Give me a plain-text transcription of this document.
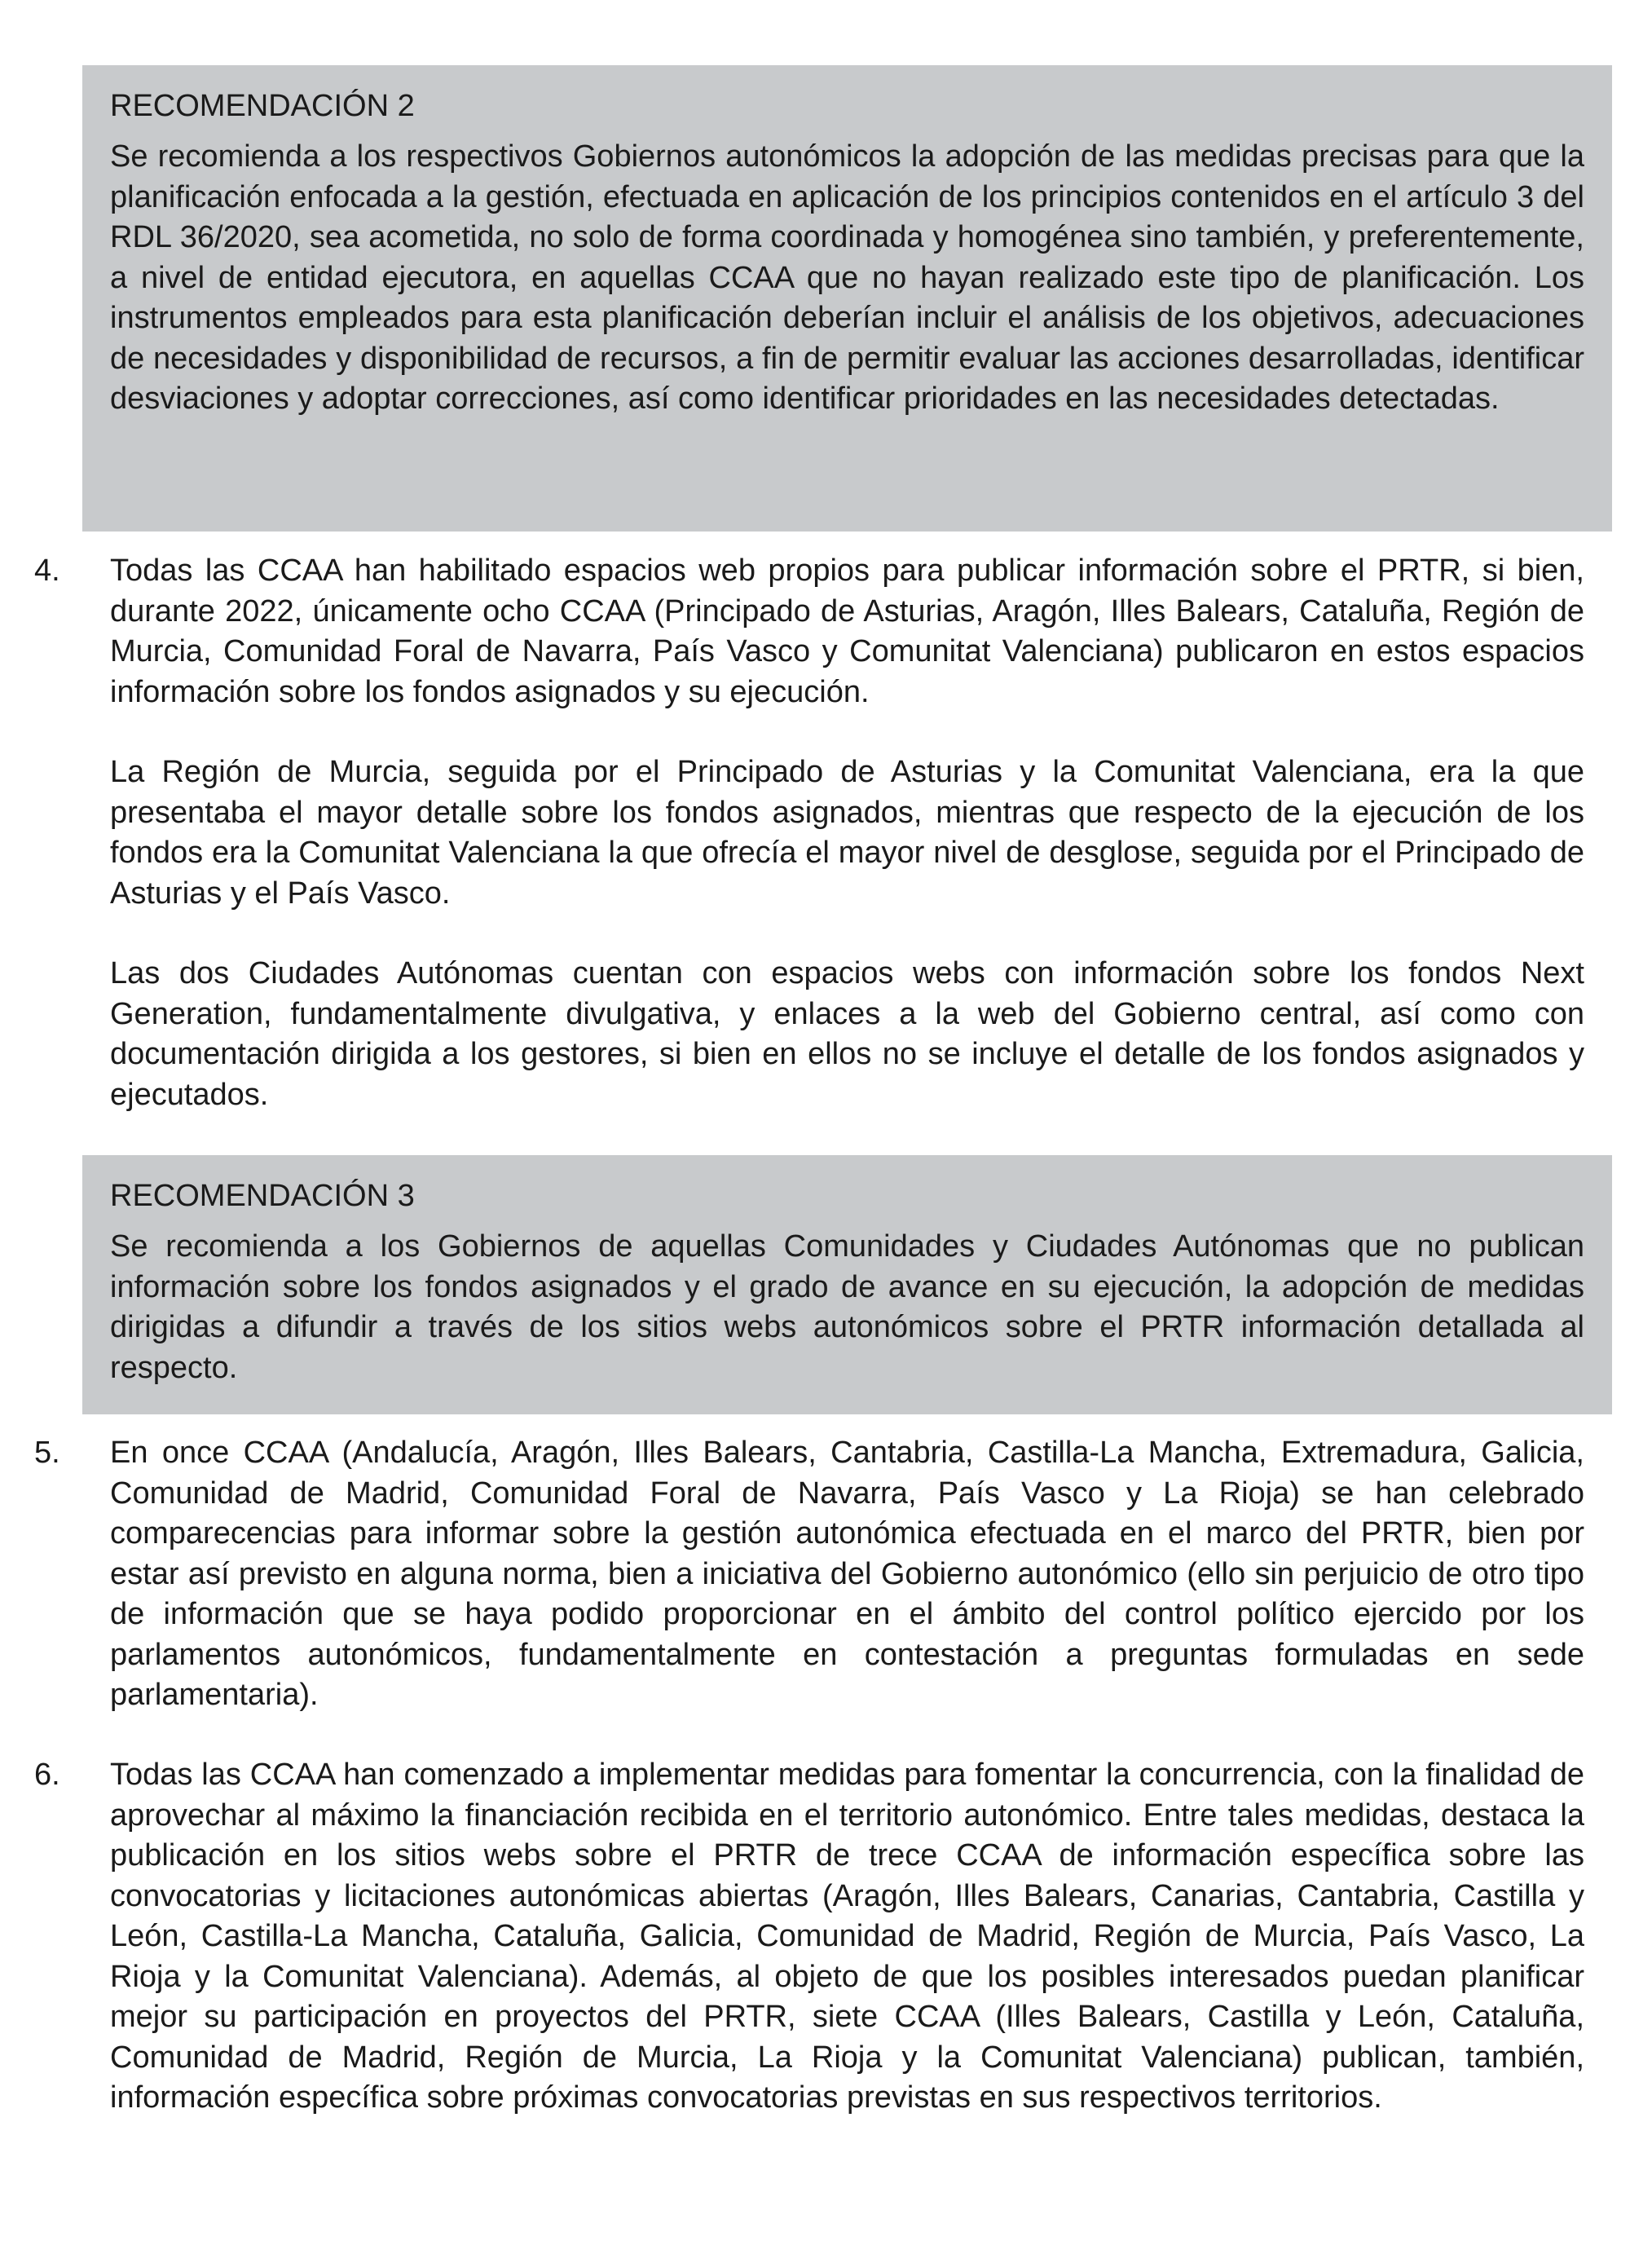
RECOMENDACIÓN 2

Se recomienda a los respectivos Gobiernos autonómicos la adopción de las medidas precisas para que la planificación enfocada a la gestión, efectuada en aplicación de los principios contenidos en el artículo 3 del RDL 36/2020, sea acometida, no solo de forma coordinada y homogénea sino también, y preferentemente, a nivel de entidad ejecutora, en aquellas CCAA que no hayan realizado este tipo de planificación. Los instrumentos empleados para esta planificación deberían incluir el análisis de los objetivos, adecuaciones de necesidades y disponibilidad de recursos, a fin de permitir evaluar las acciones desarrolladas, identificar desviaciones y adoptar correcciones, así como identificar prioridades en las necesidades detectadas.

4. Todas las CCAA han habilitado espacios web propios para publicar información sobre el PRTR, si bien, durante 2022, únicamente ocho CCAA (Principado de Asturias, Aragón, Illes Balears, Cataluña, Región de Murcia, Comunidad Foral de Navarra, País Vasco y Comunitat Valenciana) publicaron en estos espacios información sobre los fondos asignados y su ejecución.

La Región de Murcia, seguida por el Principado de Asturias y la Comunitat Valenciana, era la que presentaba el mayor detalle sobre los fondos asignados, mientras que respecto de la ejecución de los fondos era la Comunitat Valenciana la que ofrecía el mayor nivel de desglose, seguida por el Principado de Asturias y el País Vasco.

Las dos Ciudades Autónomas cuentan con espacios webs con información sobre los fondos Next Generation, fundamentalmente divulgativa, y enlaces a la web del Gobierno central, así como con documentación dirigida a los gestores, si bien en ellos no se incluye el detalle de los fondos asignados y ejecutados.

RECOMENDACIÓN 3

Se recomienda a los Gobiernos de aquellas Comunidades y Ciudades Autónomas que no publican información sobre los fondos asignados y el grado de avance en su ejecución, la adopción de medidas dirigidas a difundir a través de los sitios webs autonómicos sobre el PRTR información detallada al respecto.

5. En once CCAA (Andalucía, Aragón, Illes Balears, Cantabria, Castilla-La Mancha, Extremadura, Galicia, Comunidad de Madrid, Comunidad Foral de Navarra, País Vasco y La Rioja) se han celebrado comparecencias para informar sobre la gestión autonómica efectuada en el marco del PRTR, bien por estar así previsto en alguna norma, bien a iniciativa del Gobierno autonómico (ello sin perjuicio de otro tipo de información que se haya podido proporcionar en el ámbito del control político ejercido por los parlamentos autonómicos, fundamentalmente en contestación a preguntas formuladas en sede parlamentaria).

6. Todas las CCAA han comenzado a implementar medidas para fomentar la concurrencia, con la finalidad de aprovechar al máximo la financiación recibida en el territorio autonómico. Entre tales medidas, destaca la publicación en los sitios webs sobre el PRTR de trece CCAA de información específica sobre las convocatorias y licitaciones autonómicas abiertas (Aragón, Illes Balears, Canarias, Cantabria, Castilla y León, Castilla-La Mancha, Cataluña, Galicia, Comunidad de Madrid, Región de Murcia, País Vasco, La Rioja y la Comunitat Valenciana). Además, al objeto de que los posibles interesados puedan planificar mejor su participación en proyectos del PRTR, siete CCAA (Illes Balears, Castilla y León, Cataluña, Comunidad de Madrid, Región de Murcia, La Rioja y la Comunitat Valenciana) publican, también, información específica sobre próximas convocatorias previstas en sus respectivos territorios.
